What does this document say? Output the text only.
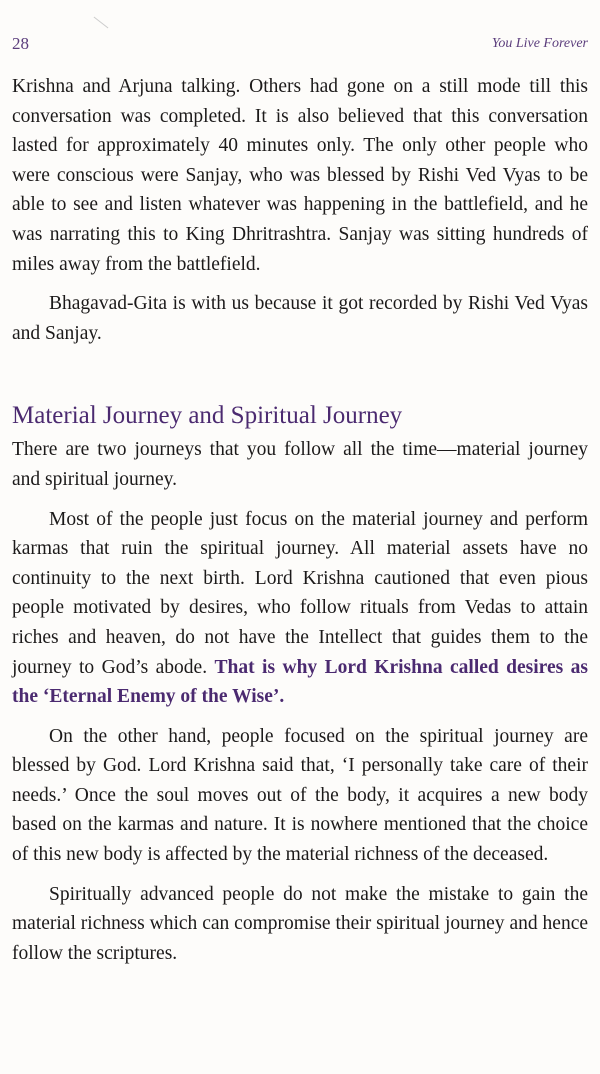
28	You Live Forever

Krishna and Arjuna talking. Others had gone on a still mode till this conversation was completed. It is also believed that this conversation lasted for approximately 40 minutes only. The only other people who were conscious were Sanjay, who was blessed by Rishi Ved Vyas to be able to see and listen whatever was happening in the battlefield, and he was narrating this to King Dhritrashtra. Sanjay was sitting hundreds of miles away from the battlefield.

Bhagavad-Gita is with us because it got recorded by Rishi Ved Vyas and Sanjay.

Material Journey and Spiritual Journey

There are two journeys that you follow all the time—material journey and spiritual journey.

Most of the people just focus on the material journey and perform karmas that ruin the spiritual journey. All material assets have no continuity to the next birth. Lord Krishna cautioned that even pious people motivated by desires, who follow rituals from Vedas to attain riches and heaven, do not have the Intellect that guides them to the journey to God’s abode. That is why Lord Krishna called desires as the ‘Eternal Enemy of the Wise’.

On the other hand, people focused on the spiritual journey are blessed by God. Lord Krishna said that, ‘I personally take care of their needs.’ Once the soul moves out of the body, it acquires a new body based on the karmas and nature. It is nowhere mentioned that the choice of this new body is affected by the material richness of the deceased.

Spiritually advanced people do not make the mistake to gain the material richness which can compromise their spiritual journey and hence follow the scriptures.
